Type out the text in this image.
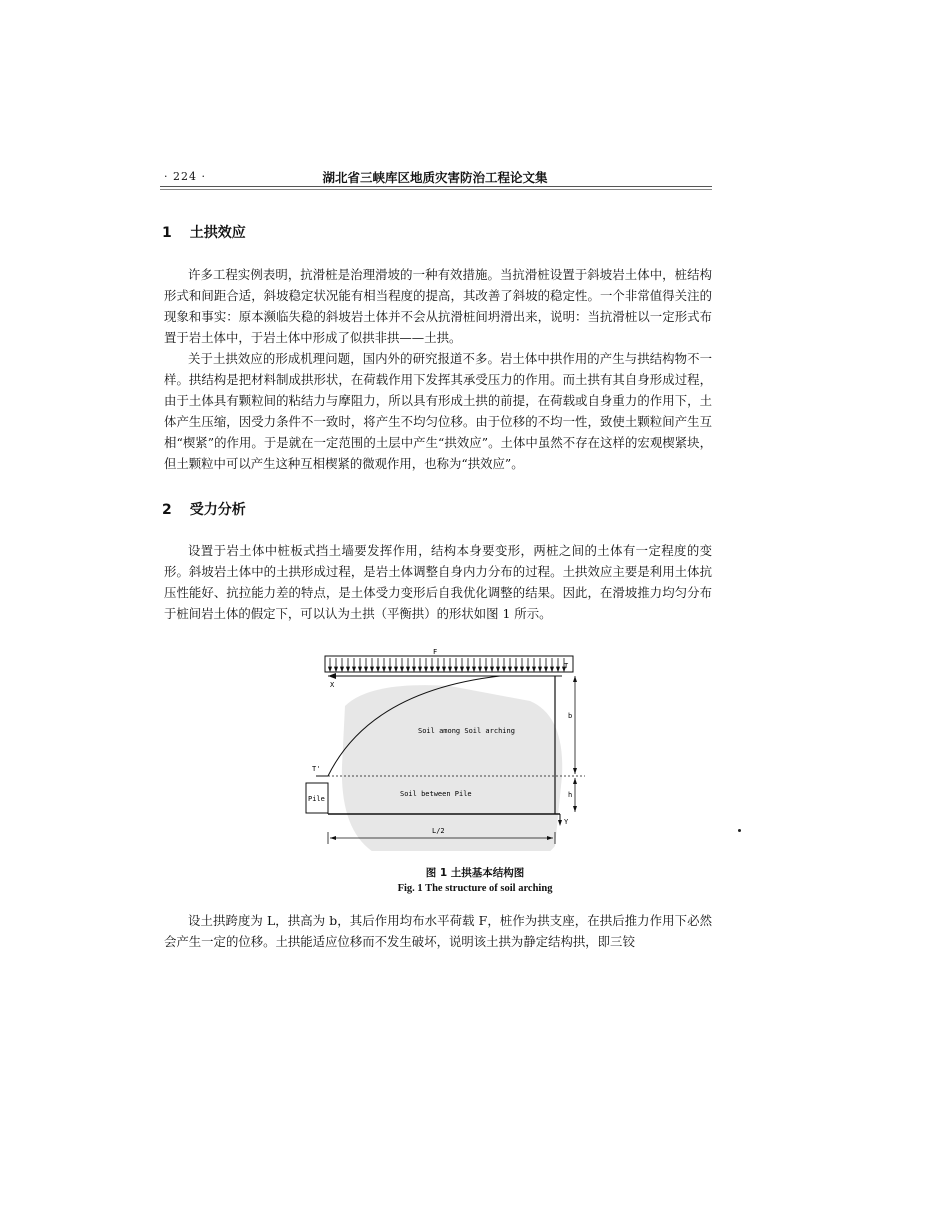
· 224 ·	湖北省三峡库区地质灾害防治工程论文集
1 土拱效应

许多工程实例表明，抗滑桩是治理滑坡的一种有效措施。当抗滑桩设置于斜坡岩土体中，桩结构形式和间距合适，斜坡稳定状况能有相当程度的提高，其改善了斜坡的稳定性。一个非常值得关注的现象和事实：原本濒临失稳的斜坡岩土体并不会从抗滑桩间坍滑出来，说明：当抗滑桩以一定形式布置于岩土体中，于岩土体中形成了似拱非拱——土拱。

关于土拱效应的形成机理问题，国内外的研究报道不多。岩土体中拱作用的产生与拱结构物不一样。拱结构是把材料制成拱形状，在荷载作用下发挥其承受压力的作用。而土拱有其自身形成过程，由于土体具有颗粒间的粘结力与摩阻力，所以具有形成土拱的前提，在荷载或自身重力的作用下，土体产生压缩，因受力条件不一致时，将产生不均匀位移。由于位移的不均一性，致使土颗粒间产生互相“楔紧”的作用。于是就在一定范围的土层中产生“拱效应”。土体中虽然不存在这样的宏观楔紧块，但土颗粒中可以产生这种互相楔紧的微观作用，也称为“拱效应”。

2 受力分析

设置于岩土体中桩板式挡土墙要发挥作用，结构本身要变形，两桩之间的土体有一定程度的变形。斜坡岩土体中的土拱形成过程，是岩土体调整自身内力分布的过程。土拱效应主要是利用土体抗压性能好、抗拉能力差的特点，是土体受力变形后自我优化调整的结果。因此，在滑坡推力均匀分布于桩间岩土体的假定下，可以认为土拱（平衡拱）的形状如图 1 所示。

F
X
T
T'
Pile
Soil among Soil arching
Soil between Pile
b
h
Y
L/2
图 1 土拱基本结构图
Fig. 1 The structure of soil arching

设土拱跨度为 L，拱高为 b，其后作用均布水平荷载 F，桩作为拱支座，在拱后推力作用下必然会产生一定的位移。土拱能适应位移而不发生破坏，说明该土拱为静定结构拱，即三铰
